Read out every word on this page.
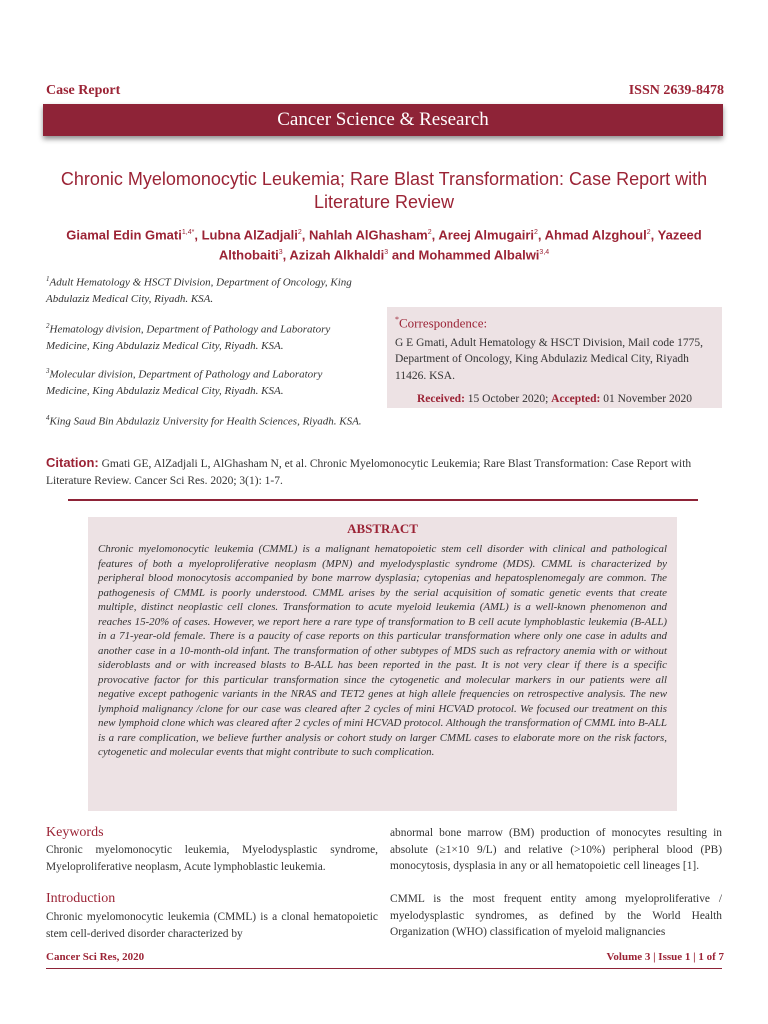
Case Report	ISSN 2639-8478
Cancer Science & Research
Chronic Myelomonocytic Leukemia; Rare Blast Transformation: Case Report with Literature Review
Giamal Edin Gmati$^{1,4*}$, Lubna AlZadjali$^2$, Nahlah AlGhasham$^2$, Areej Almugairi$^2$, Ahmad Alzghoul$^2$, Yazeed Althobaiti$^3$, Azizah Alkhaldi$^3$ and Mohammed Albalwi$^{3,4}$
$^1$Adult Hematology & HSCT Division, Department of Oncology, King Abdulaziz Medical City, Riyadh. KSA.
$^2$Hematology division, Department of Pathology and Laboratory Medicine, King Abdulaziz Medical City, Riyadh. KSA.
$^3$Molecular division, Department of Pathology and Laboratory Medicine, King Abdulaziz Medical City, Riyadh. KSA.
$^4$King Saud Bin Abdulaziz University for Health Sciences, Riyadh. KSA.
*Correspondence:
G E Gmati, Adult Hematology & HSCT Division, Mail code 1775, Department of Oncology, King Abdulaziz Medical City, Riyadh 11426. KSA.
Received: 15 October 2020; Accepted: 01 November 2020
Citation: Gmati GE, AlZadjali L, AlGhasham N, et al. Chronic Myelomonocytic Leukemia; Rare Blast Transformation: Case Report with Literature Review. Cancer Sci Res. 2020; 3(1): 1-7.
ABSTRACT
Chronic myelomonocytic leukemia (CMML) is a malignant hematopoietic stem cell disorder with clinical and pathological features of both a myeloproliferative neoplasm (MPN) and myelodysplastic syndrome (MDS). CMML is characterized by peripheral blood monocytosis accompanied by bone marrow dysplasia; cytopenias and hepatosplenomegaly are common. The pathogenesis of CMML is poorly understood. CMML arises by the serial acquisition of somatic genetic events that create multiple, distinct neoplastic cell clones. Transformation to acute myeloid leukemia (AML) is a well-known phenomenon and reaches 15-20% of cases. However, we report here a rare type of transformation to B cell acute lymphoblastic leukemia (B-ALL) in a 71-year-old female. There is a paucity of case reports on this particular transformation where only one case in adults and another case in a 10-month-old infant. The transformation of other subtypes of MDS such as refractory anemia with or without sideroblasts and or with increased blasts to B-ALL has been reported in the past. It is not very clear if there is a specific provocative factor for this particular transformation since the cytogenetic and molecular markers in our patients were all negative except pathogenic variants in the NRAS and TET2 genes at high allele frequencies on retrospective analysis. The new lymphoid malignancy /clone for our case was cleared after 2 cycles of mini HCVAD protocol. We focused our treatment on this new lymphoid clone which was cleared after 2 cycles of mini HCVAD protocol. Although the transformation of CMML into B-ALL is a rare complication, we believe further analysis or cohort study on larger CMML cases to elaborate more on the risk factors, cytogenetic and molecular events that might contribute to such complication.
Keywords
Chronic myelomonocytic leukemia, Myelodysplastic syndrome, Myeloproliferative neoplasm, Acute lymphoblastic leukemia.
Introduction
Chronic myelomonocytic leukemia (CMML) is a clonal hematopoietic stem cell-derived disorder characterized by
abnormal bone marrow (BM) production of monocytes resulting in absolute (≥1×10 9/L) and relative (>10%) peripheral blood (PB) monocytosis, dysplasia in any or all hematopoietic cell lineages [1].
CMML is the most frequent entity among myeloproliferative / myelodysplastic syndromes, as defined by the World Health Organization (WHO) classification of myeloid malignancies
Cancer Sci Res, 2020	Volume 3 | Issue 1 | 1 of 7
